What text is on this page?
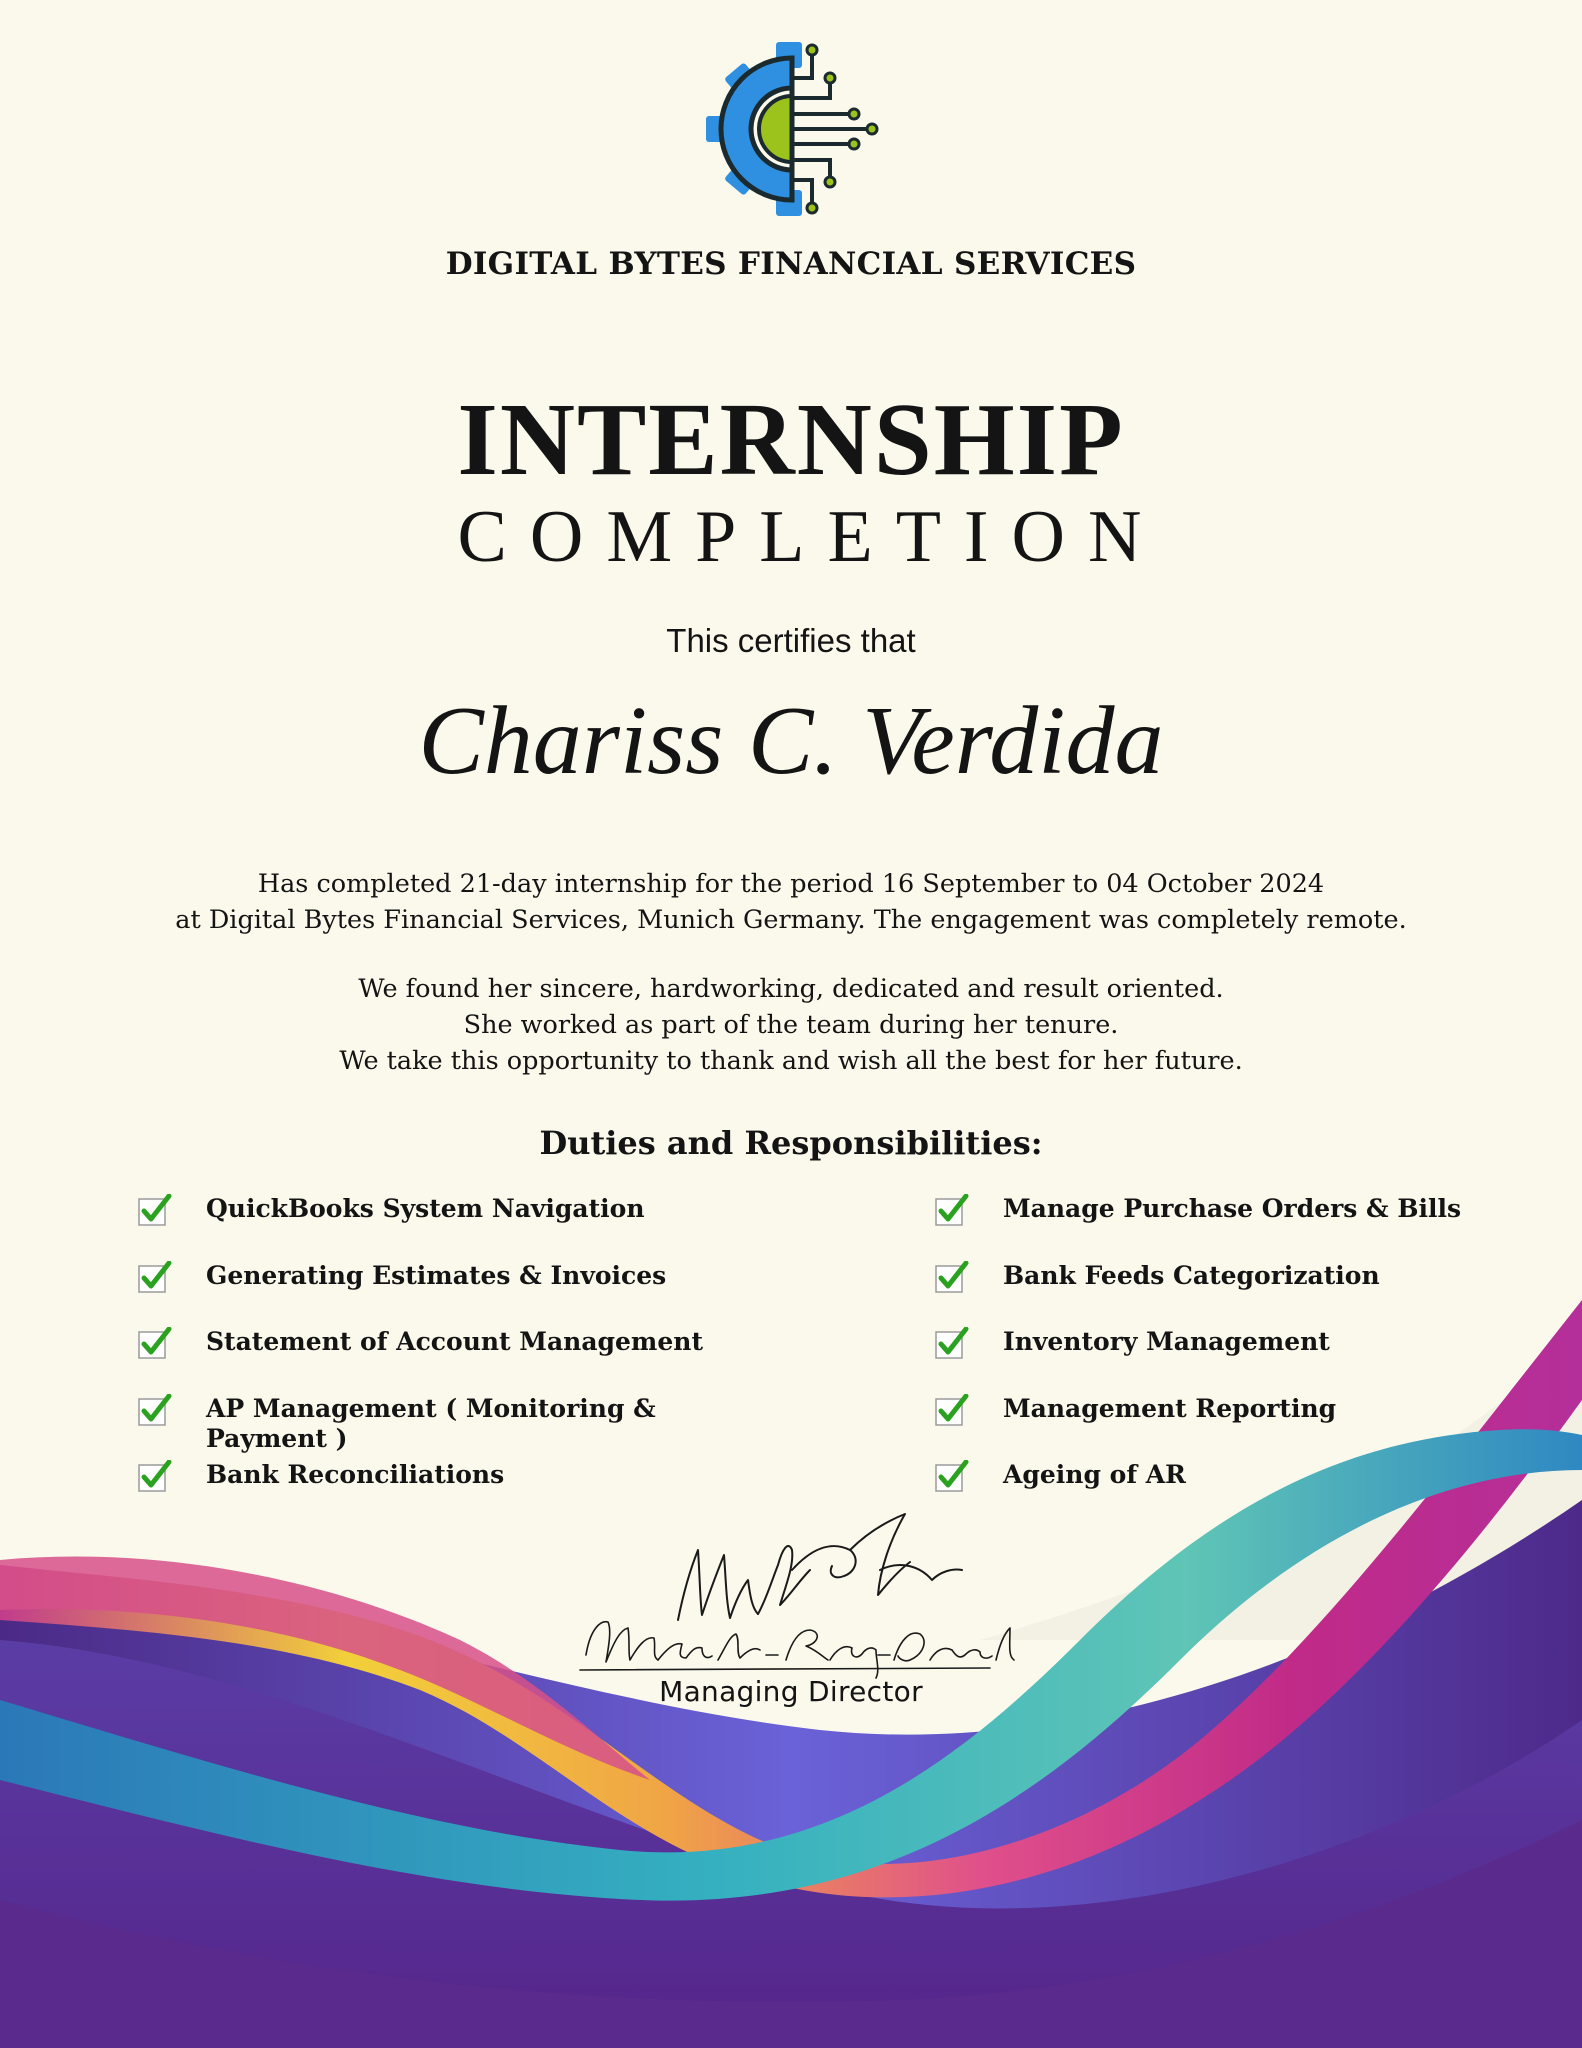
DIGITAL BYTES FINANCIAL SERVICES
INTERNSHIP
COMPLETION
This certifies that
Chariss C. Verdida

Has completed 21-day internship for the period 16 September to 04 October 2024

at Digital Bytes Financial Services, Munich Germany. The engagement was completely remote.

We found her sincere, hardworking, dedicated and result oriented.

She worked as part of the team during her tenure.

We take this opportunity to thank and wish all the best for her future.

Duties and Responsibilities:
QuickBooks System Navigation
Generating Estimates & Invoices
Statement of Account Management
AP Management ( Monitoring & Payment )
Bank Reconciliations
Manage Purchase Orders & Bills
Bank Feeds Categorization
Inventory Management
Management Reporting
Ageing of AR
Managing Director
